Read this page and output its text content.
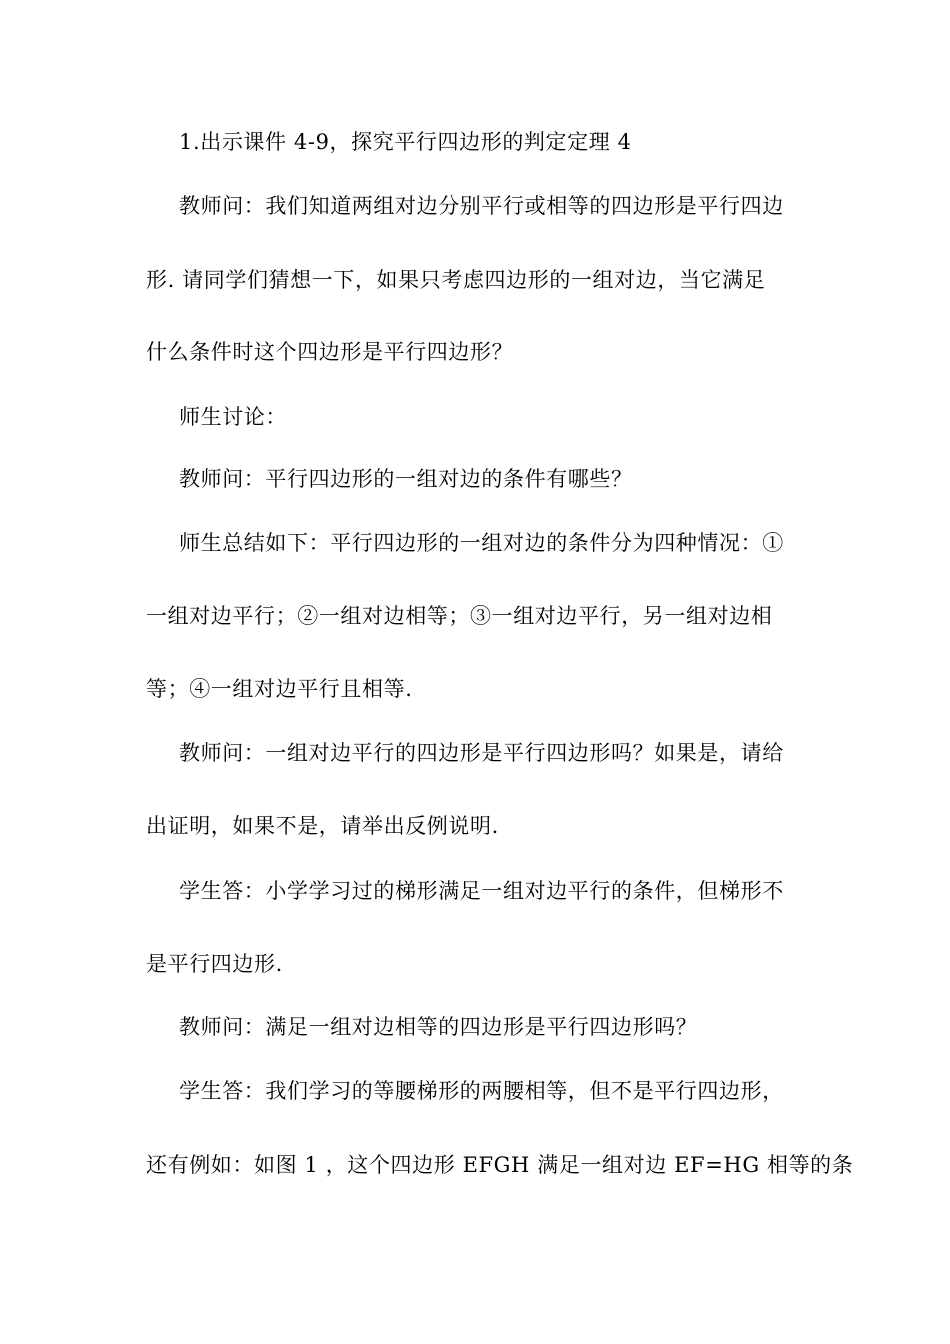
1.出示课件 4-9，探究平行四边形的判定定理 4
教师问：我们知道两组对边分别平行或相等的四边形是平行四边
形. 请同学们猜想一下，如果只考虑四边形的一组对边，当它满足
什么条件时这个四边形是平行四边形？
师生讨论：
教师问：平行四边形的一组对边的条件有哪些？
师生总结如下：平行四边形的一组对边的条件分为四种情况：①
一组对边平行；②一组对边相等；③一组对边平行，另一组对边相
等；④一组对边平行且相等.
教师问：一组对边平行的四边形是平行四边形吗？如果是，请给
出证明，如果不是，请举出反例说明.
学生答：小学学习过的梯形满足一组对边平行的条件，但梯形不
是平行四边形.
教师问：满足一组对边相等的四边形是平行四边形吗？
学生答：我们学习的等腰梯形的两腰相等，但不是平行四边形，
还有例如：如图 1 ，这个四边形 EFGH 满足一组对边 EF=HG 相等的条
